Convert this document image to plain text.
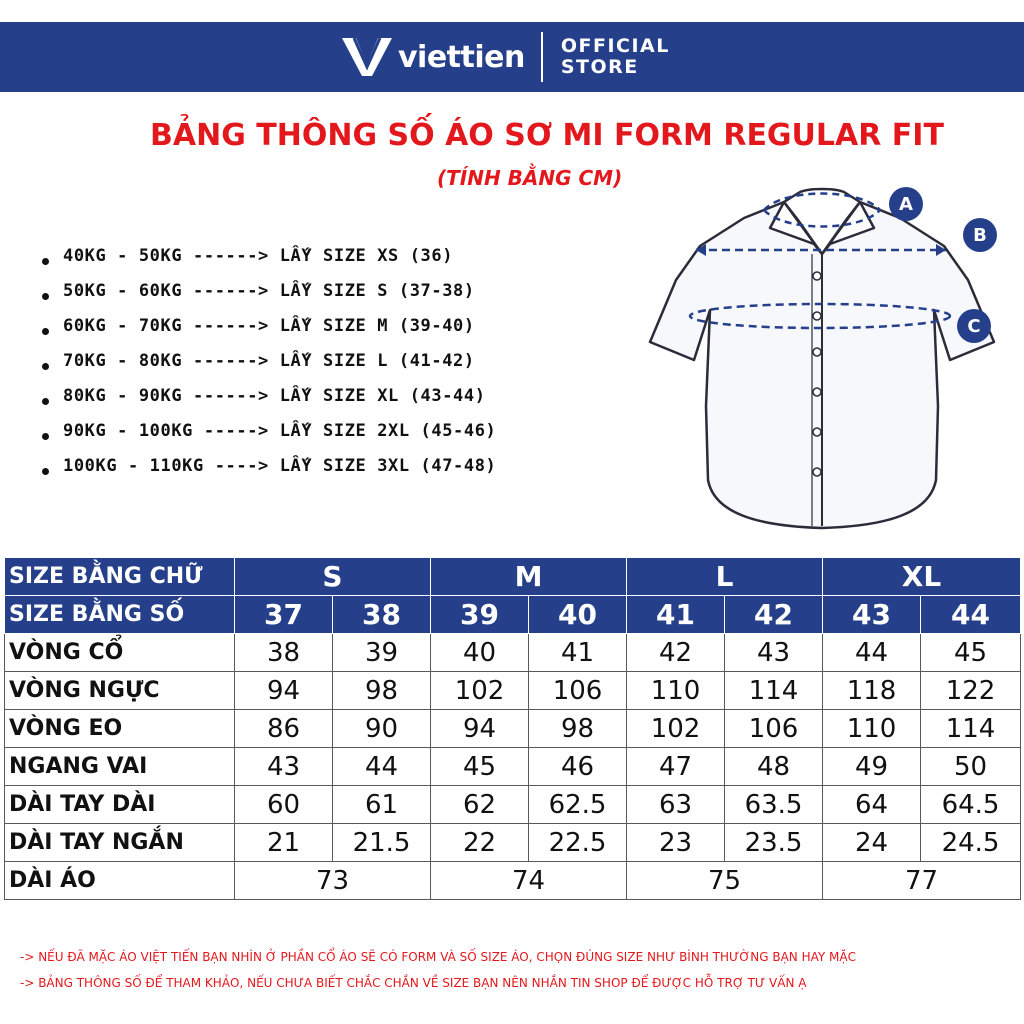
viettien OFFICIAL
STORE
BẢNG THÔNG SỐ ÁO SƠ MI FORM REGULAR FIT
(TÍNH BẰNG CM)
40KG - 50KG ------> LẤY SIZE XS (36)
50KG - 60KG ------> LẤY SIZE S (37-38)
60KG - 70KG ------> LẤY SIZE M (39-40)
70KG - 80KG ------> LẤY SIZE L (41-42)
80KG - 90KG ------> LẤY SIZE XL (43-44)
90KG - 100KG -----> LẤY SIZE 2XL (45-46)
100KG - 110KG ----> LẤY SIZE 3XL (47-48)
A
B
C
SIZE BẰNG CHỮ	S		M		L		XL	
SIZE BẰNG SỐ	37	38	39	40	41	42	43	44
VÒNG CỔ	38	39	40	41	42	43	44	45
VÒNG NGỰC	94	98	102	106	110	114	118	122
VÒNG EO	86	90	94	98	102	106	110	114
NGANG VAI	43	44	45	46	47	48	49	50
DÀI TAY DÀI	60	61	62	62.5	63	63.5	64	64.5
DÀI TAY NGẮN	21	21.5	22	22.5	23	23.5	24	24.5
DÀI ÁO	73		74		75		77	
-> NẾU ĐÃ MẶC ÁO VIỆT TIẾN BẠN NHÌN Ở PHẦN CỔ ÁO SẼ CÓ FORM VÀ SỐ SIZE ÁO, CHỌN ĐÚNG SIZE NHƯ BÌNH THƯỜNG BẠN HAY MẶC
-> BẢNG THÔNG SỐ ĐỂ THAM KHẢO, NẾU CHƯA BIẾT CHẮC CHẮN VỀ SIZE BẠN NÊN NHẮN TIN SHOP ĐỂ ĐƯỢC HỖ TRỢ TƯ VẤN Ạ
